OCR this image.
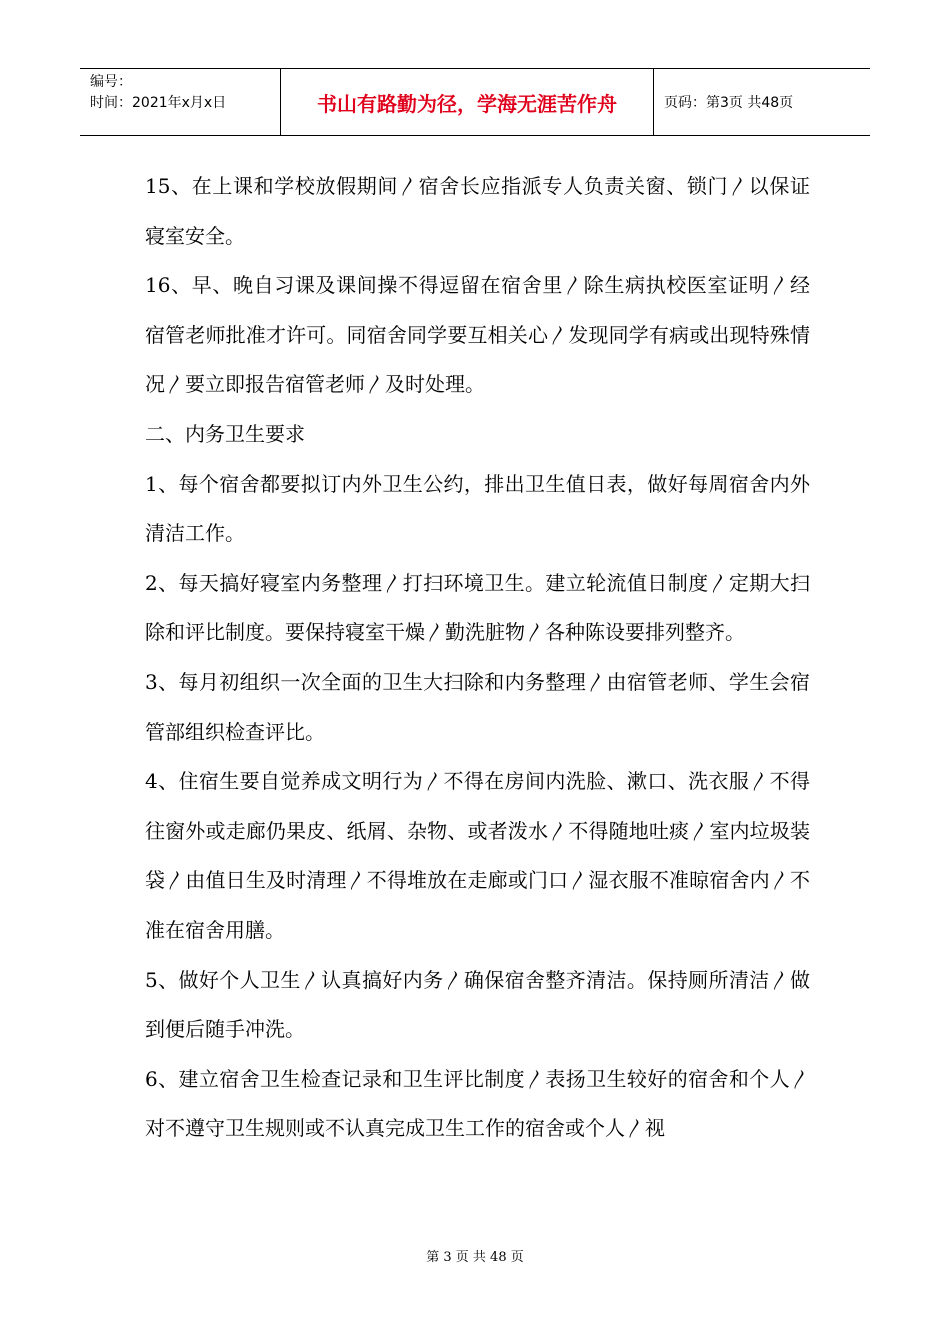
编号：
时间：2021年x月x日	书山有路勤为径，学海无涯苦作舟	页码：第3页 共48页

15、在上课和学校放假期间〳宿舍长应指派专人负责关窗、锁门〳以保证寝室安全。

16、早、晚自习课及课间操不得逗留在宿舍里〳除生病执校医室证明〳经宿管老师批准才许可。同宿舍同学要互相关心〳发现同学有病或出现特殊情况〳要立即报告宿管老师〳及时处理。

二、内务卫生要求

1、每个宿舍都要拟订内外卫生公约，排出卫生值日表，做好每周宿舍内外清洁工作。

2、每天搞好寝室内务整理〳打扫环境卫生。建立轮流值日制度〳定期大扫除和评比制度。要保持寝室干燥〳勤洗脏物〳各种陈设要排列整齐。

3、每月初组织一次全面的卫生大扫除和内务整理〳由宿管老师、学生会宿管部组织检查评比。

4、住宿生要自觉养成文明行为〳不得在房间内洗脸、漱口、洗衣服〳不得往窗外或走廊仍果皮、纸屑、杂物、或者泼水〳不得随地吐痰〳室内垃圾装袋〳由值日生及时清理〳不得堆放在走廊或门口〳湿衣服不准晾宿舍内〳不准在宿舍用膳。

5、做好个人卫生〳认真搞好内务〳确保宿舍整齐清洁。保持厕所清洁〳做到便后随手冲洗。

6、建立宿舍卫生检查记录和卫生评比制度〳表扬卫生较好的宿舍和个人〳对不遵守卫生规则或不认真完成卫生工作的宿舍或个人〳视

第 3 页 共 48 页
